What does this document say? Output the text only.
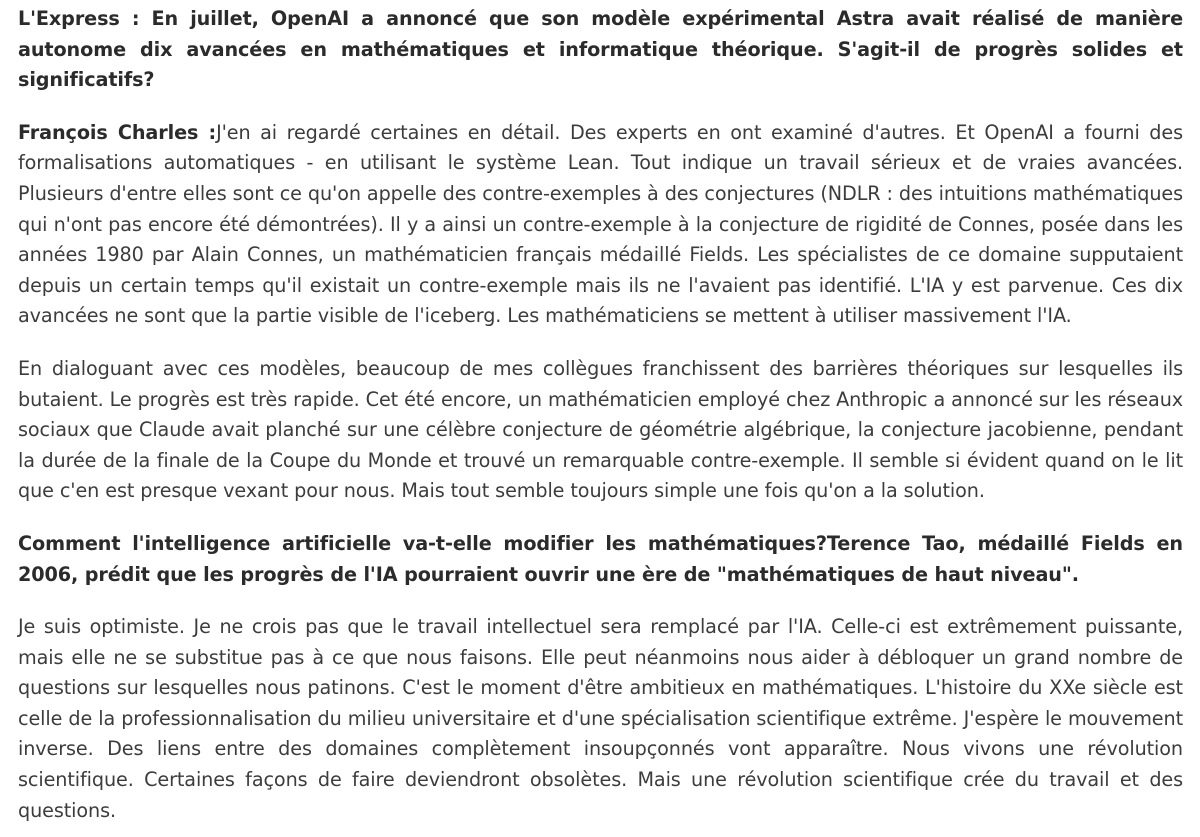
L'Express : En juillet, OpenAI a annoncé que son modèle expérimental Astra avait réalisé de manière autonome dix avancées en mathématiques et informatique théorique. S'agit-il de progrès solides et significatifs?

François Charles :J'en ai regardé certaines en détail. Des experts en ont examiné d'autres. Et OpenAI a fourni des formalisations automatiques - en utilisant le système Lean. Tout indique un travail sérieux et de vraies avancées. Plusieurs d'entre elles sont ce qu'on appelle des contre-exemples à des conjectures (NDLR : des intuitions mathématiques qui n'ont pas encore été démontrées). Il y a ainsi un contre-exemple à la conjecture de rigidité de Connes, posée dans les années 1980 par Alain Connes, un mathématicien français médaillé Fields. Les spécialistes de ce domaine supputaient depuis un certain temps qu'il existait un contre-exemple mais ils ne l'avaient pas identifié. L'IA y est parvenue. Ces dix avancées ne sont que la partie visible de l'iceberg. Les mathématiciens se mettent à utiliser massivement l'IA.

En dialoguant avec ces modèles, beaucoup de mes collègues franchissent des barrières théoriques sur lesquelles ils butaient. Le progrès est très rapide. Cet été encore, un mathématicien employé chez Anthropic a annoncé sur les réseaux sociaux que Claude avait planché sur une célèbre conjecture de géométrie algébrique, la conjecture jacobienne, pendant la durée de la finale de la Coupe du Monde et trouvé un remarquable contre-exemple. Il semble si évident quand on le lit que c'en est presque vexant pour nous. Mais tout semble toujours simple une fois qu'on a la solution.

Comment l'intelligence artificielle va-t-elle modifier les mathématiques?Terence Tao, médaillé Fields en 2006, prédit que les progrès de l'IA pourraient ouvrir une ère de "mathématiques de haut niveau".

Je suis optimiste. Je ne crois pas que le travail intellectuel sera remplacé par l'IA. Celle-ci est extrêmement puissante, mais elle ne se substitue pas à ce que nous faisons. Elle peut néanmoins nous aider à débloquer un grand nombre de questions sur lesquelles nous patinons. C'est le moment d'être ambitieux en mathématiques. L'histoire du XXe siècle est celle de la professionnalisation du milieu universitaire et d'une spécialisation scientifique extrême. J'espère le mouvement inverse. Des liens entre des domaines complètement insoupçonnés vont apparaître. Nous vivons une révolution scientifique. Certaines façons de faire deviendront obsolètes. Mais une révolution scientifique crée du travail et des questions.
